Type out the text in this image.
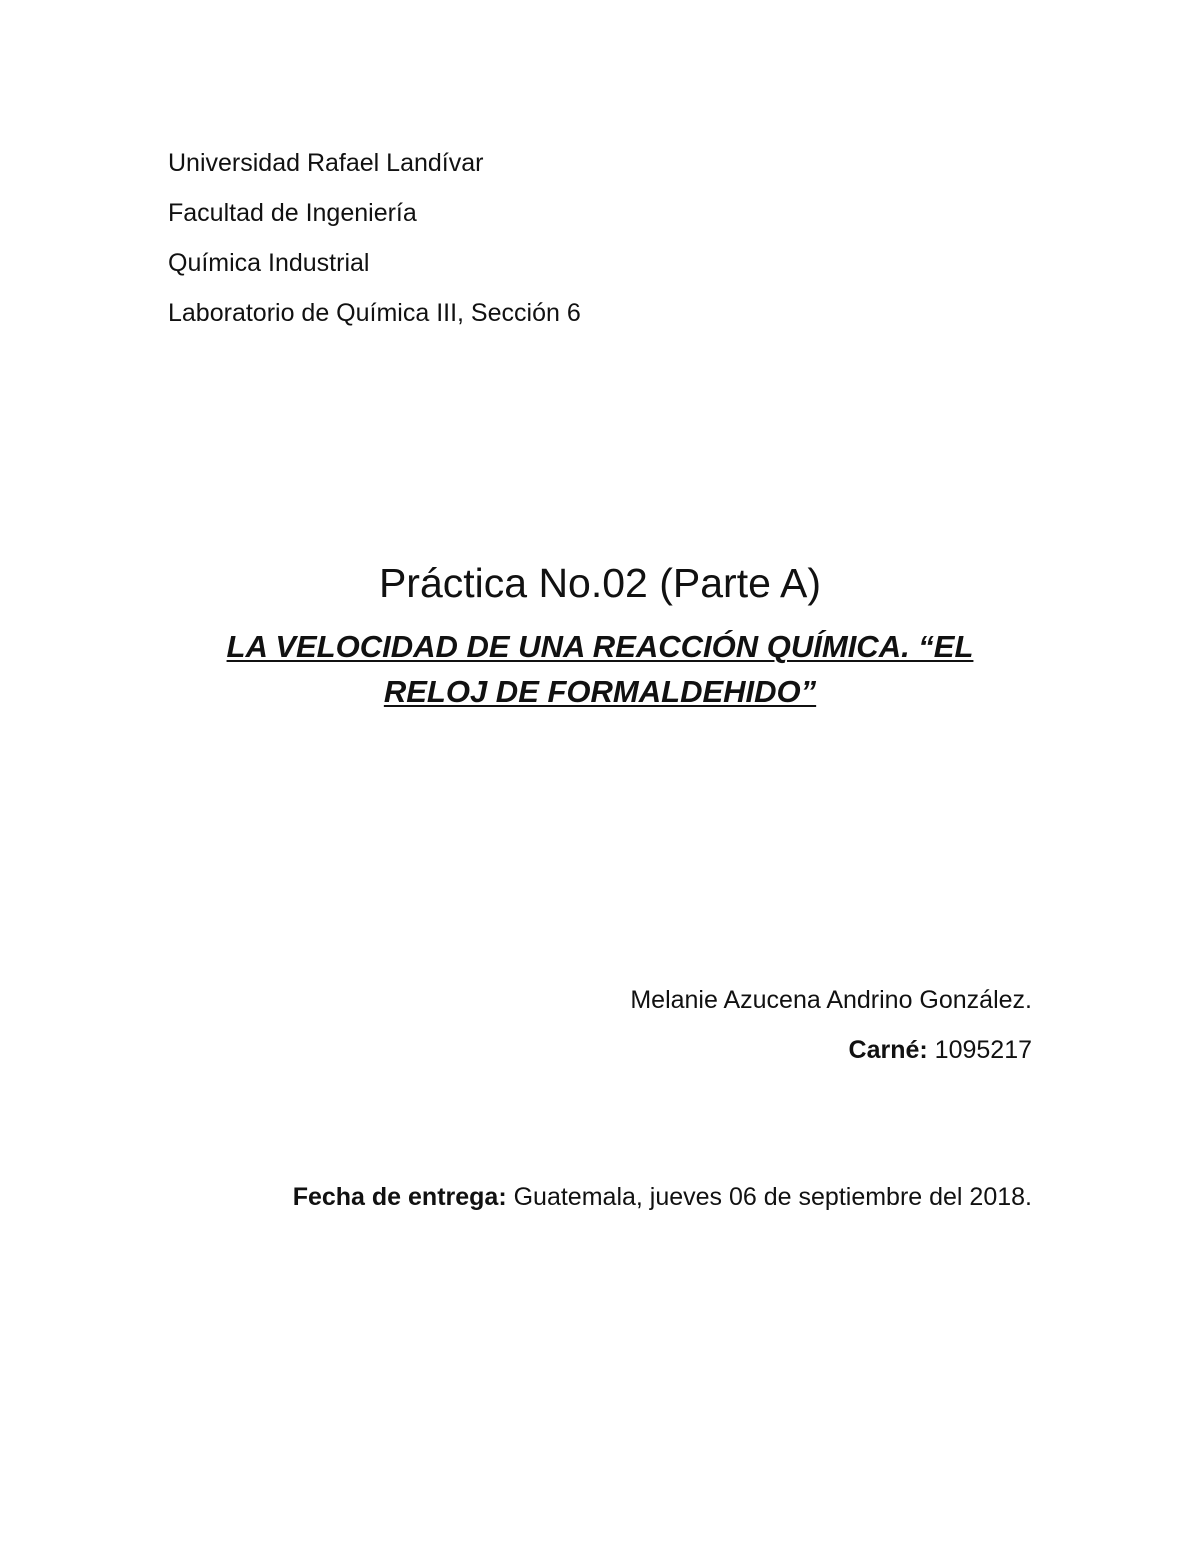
Universidad Rafael Landívar
Facultad de Ingeniería
Química Industrial
Laboratorio de Química III, Sección 6
Práctica No.02 (Parte A)
LA VELOCIDAD DE UNA REACCIÓN QUÍMICA. “EL
RELOJ DE FORMALDEHIDO”
Melanie Azucena Andrino González.
Carné: 1095217
Fecha de entrega: Guatemala, jueves 06 de septiembre del 2018.
